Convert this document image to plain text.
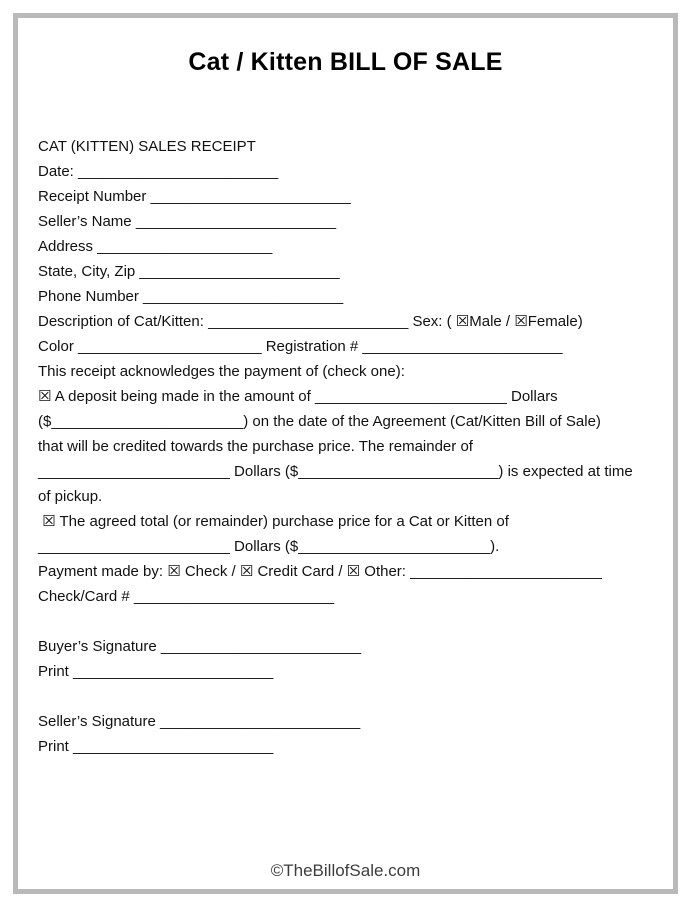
Cat / Kitten BILL OF SALE
CAT (KITTEN) SALES RECEIPT
Date: ________________________
Receipt Number ________________________
Seller’s Name ________________________
Address _____________________
State, City, Zip ________________________
Phone Number ________________________
Description of Cat/Kitten: ________________________ Sex: ( ☒Male / ☒Female)
Color ______________________ Registration # ________________________
This receipt acknowledges the payment of (check one):
☒ A deposit being made in the amount of _______________________ Dollars
($_______________________) on the date of the Agreement (Cat/Kitten Bill of Sale)
that will be credited towards the purchase price. The remainder of
_______________________ Dollars ($________________________) is expected at time
of pickup.
☒ The agreed total (or remainder) purchase price for a Cat or Kitten of
_______________________ Dollars ($_______________________).
Payment made by: ☒ Check / ☒ Credit Card / ☒ Other: _______________________
Check/Card # ________________________
Buyer’s Signature ________________________
Print ________________________
Seller’s Signature ________________________
Print ________________________
©TheBillofSale.com
